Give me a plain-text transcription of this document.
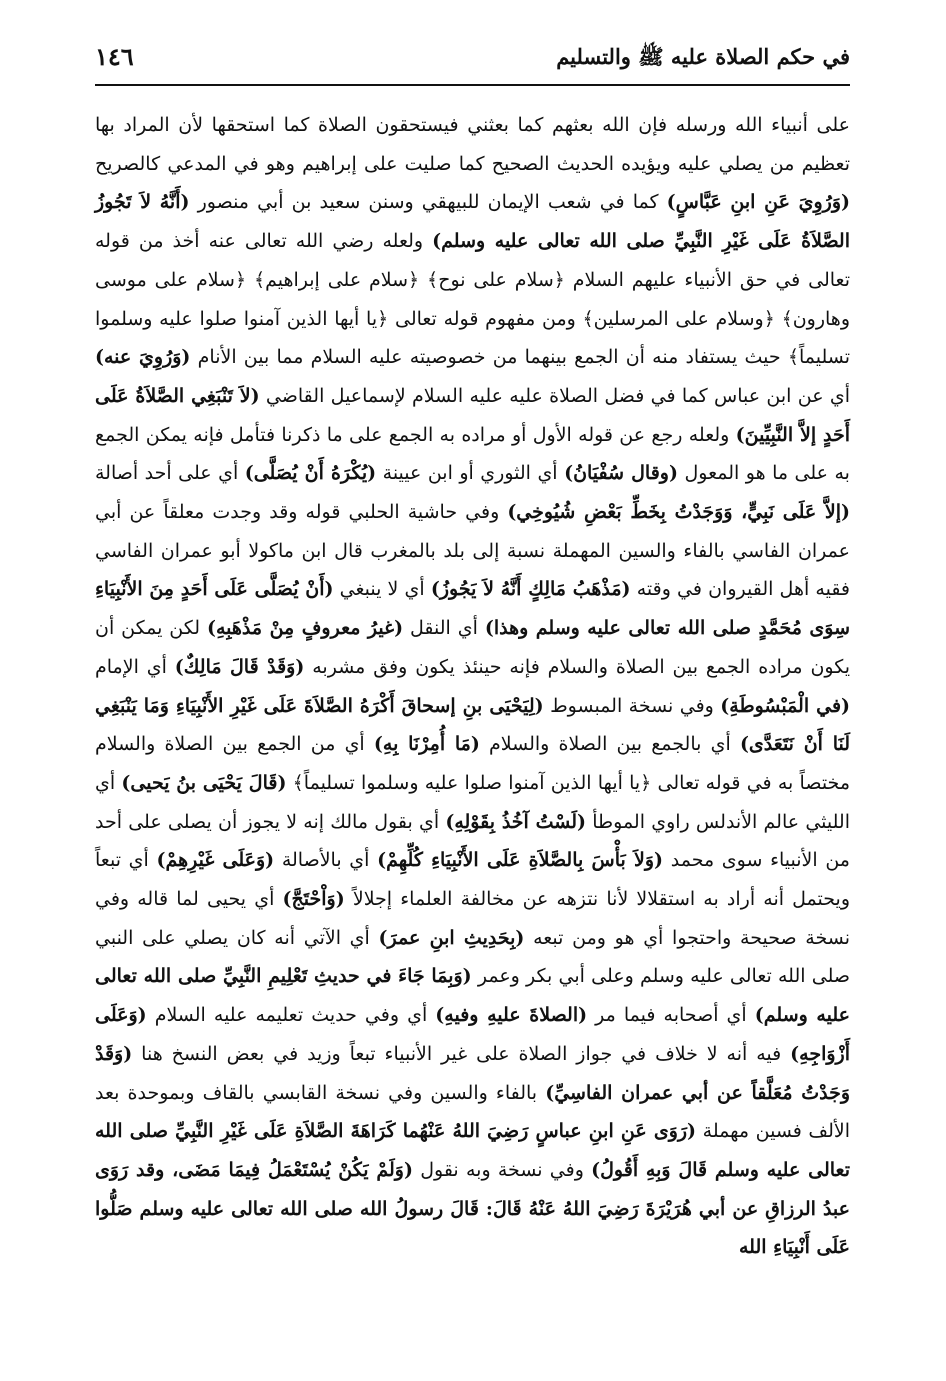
في حكم الصلاة عليه ﷺ والتسليم
١٤٦

على أنبياء الله ورسله فإن الله بعثهم كما بعثني فيستحقون الصلاة كما استحقها لأن المراد بها تعظيم من يصلي عليه ويؤيده الحديث الصحيح كما صليت على إبراهيم وهو في المدعي كالصريح (وَرُوِيَ عَنِ ابنِ عَبَّاسٍ) كما في شعب الإيمان للبيهقي وسنن سعيد بن أبي منصور (أَنَّهُ لاَ تَجُوزُ الصَّلاَةُ عَلَى غَيْرِ النَّبِيِّ صلى الله تعالى عليه وسلم) ولعله رضي الله تعالى عنه أخذ من قوله تعالى في حق الأنبياء عليهم السلام ﴿سلام على نوح﴾ ﴿سلام على إبراهيم﴾ ﴿سلام على موسى وهارون﴾ ﴿وسلام على المرسلين﴾ ومن مفهوم قوله تعالى ﴿يا أيها الذين آمنوا صلوا عليه وسلموا تسليماً﴾ حيث يستفاد منه أن الجمع بينهما من خصوصيته عليه السلام مما بين الأنام (وَرُوِيَ عنه) أي عن ابن عباس كما في فضل الصلاة عليه عليه السلام لإسماعيل القاضي (لاَ تَنْبَغِي الصَّلاَةُ عَلَى أَحَدٍ إلاَّ النَّبِيِّينَ) ولعله رجع عن قوله الأول أو مراده به الجمع على ما ذكرنا فتأمل فإنه يمكن الجمع به على ما هو المعول (وقال سُفْيَانُ) أي الثوري أو ابن عيينة (يُكْرَهُ أَنْ يُصَلَّى) أي على أحد أصالة (إلاَّ عَلَى نَبِيٍّ، وَوَجَدْتُ بِخَطِّ بَعْضِ شُيُوخِي) وفي حاشية الحلبي قوله وقد وجدت معلقاً عن أبي عمران الفاسي بالفاء والسين المهملة نسبة إلى بلد بالمغرب قال ابن ماكولا أبو عمران الفاسي فقيه أهل القيروان في وقته (مَذْهَبُ مَالِكٍ أَنَّهُ لاَ يَجُوزُ) أي لا ينبغي (أَنْ يُصَلَّى عَلَى أَحَدٍ مِنَ الأَنْبِيَاءِ سِوَى مُحَمَّدٍ صلى الله تعالى عليه وسلم وهذا) أي النقل (غيرُ معروفٍ مِنْ مَذْهَبِهِ) لكن يمكن أن يكون مراده الجمع بين الصلاة والسلام فإنه حينئذ يكون وفق مشربه (وَقَدْ قَالَ مَالِكٌ) أي الإمام (في الْمَبْسُوطَةِ) وفي نسخة المبسوط (لِيَحْيَى بنِ إسحاقَ أَكْرَهُ الصَّلاَةَ عَلَى غَيْرِ الأَنْبِيَاءِ وَمَا يَنْبَغِي لَنَا أَنْ نَتَعَدَّى) أي بالجمع بين الصلاة والسلام (مَا أُمِرْنَا بِهِ) أي من الجمع بين الصلاة والسلام مختصاً به في قوله تعالى ﴿يا أيها الذين آمنوا صلوا عليه وسلموا تسليماً﴾ (قَالَ يَحْيَى بنُ يَحيى) أي الليثي عالم الأندلس راوي الموطأ (لَسْتُ آخُذُ بِقَوْلِهِ) أي بقول مالك إنه لا يجوز أن يصلى على أحد من الأنبياء سوى محمد (وَلاَ بَأْسَ بِالصَّلاَةِ عَلَى الأَنْبِيَاءِ كُلِّهِمْ) أي بالأصالة (وَعَلَى غَيْرِهِمْ) أي تبعاً ويحتمل أنه أراد به استقلالا لأنا نتزهه عن مخالفة العلماء إجلالاً (وَاْحْتَجَّ) أي يحيى لما قاله وفي نسخة صحيحة واحتجوا أي هو ومن تبعه (بِحَدِيثِ ابنِ عمرَ) أي الآتي أنه كان يصلي على النبي صلى الله تعالى عليه وسلم وعلى أبي بكر وعمر (وَبِمَا جَاءَ في حديثِ تَعْلِيمِ النَّبِيِّ صلى الله تعالى عليه وسلم) أي أصحابه فيما مر (الصلاةَ عليهِ وفيهِ) أي وفي حديث تعليمه عليه السلام (وَعَلَى أَزْوَاجِهِ) فيه أنه لا خلاف في جواز الصلاة على غير الأنبياء تبعاً وزيد في بعض النسخ هنا (وَقَدْ وَجَدْتُ مُعَلَّقاً عن أبي عمران الفاسِيِّ) بالفاء والسين وفي نسخة القابسي بالقاف وبموحدة بعد الألف فسين مهملة (رَوَى عَنِ ابنِ عباسٍ رَضِيَ اللهُ عَنْهُما كَرَاهَةَ الصَّلاَةِ عَلَى غَيْرِ النَّبِيِّ صلى الله تعالى عليه وسلم قَالَ وَبِهِ أَقُولُ) وفي نسخة وبه نقول (وَلَمْ يَكُنْ يُسْتَعْمَلُ فِيمَا مَضَى، وقد رَوَى عبدُ الرزاقِ عن أبي هُرَيْرَةَ رَضِيَ اللهُ عَنْهُ قَالَ: قَالَ رسولُ الله صلى الله تعالى عليه وسلم صَلُّوا عَلَى أَنْبِيَاءِ الله
